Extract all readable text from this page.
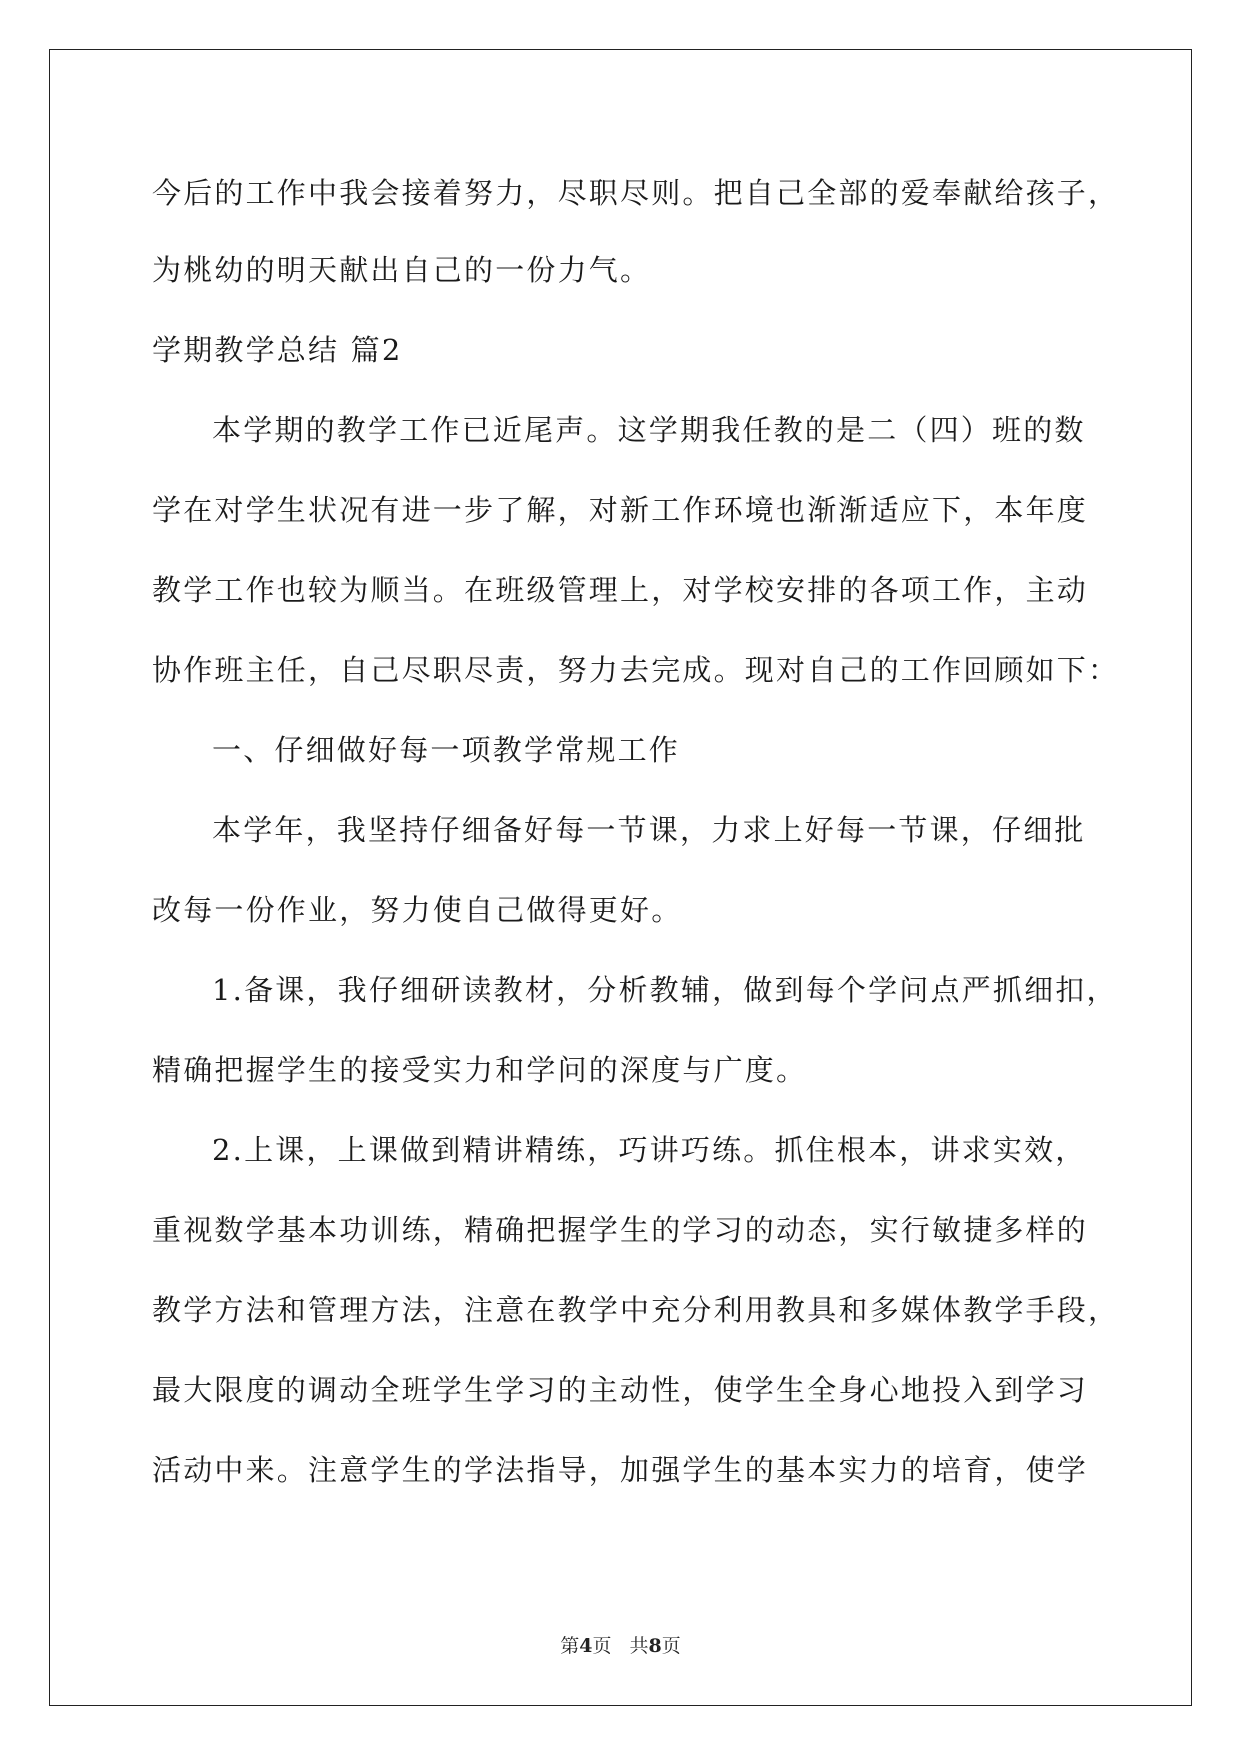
今后的工作中我会接着努力，尽职尽则。把自己全部的爱奉献给孩子，
为桃幼的明天献出自己的一份力气。
学期教学总结 篇2
本学期的教学工作已近尾声。这学期我任教的是二（四）班的数
学在对学生状况有进一步了解，对新工作环境也渐渐适应下，本年度
教学工作也较为顺当。在班级管理上，对学校安排的各项工作，主动
协作班主任，自己尽职尽责，努力去完成。现对自己的工作回顾如下：
一、仔细做好每一项教学常规工作
本学年，我坚持仔细备好每一节课，力求上好每一节课，仔细批
改每一份作业，努力使自己做得更好。
1.备课，我仔细研读教材，分析教辅，做到每个学问点严抓细扣，
精确把握学生的接受实力和学问的深度与广度。
2.上课，上课做到精讲精练，巧讲巧练。抓住根本，讲求实效，
重视数学基本功训练，精确把握学生的学习的动态，实行敏捷多样的
教学方法和管理方法，注意在教学中充分利用教具和多媒体教学手段，
最大限度的调动全班学生学习的主动性，使学生全身心地投入到学习
活动中来。注意学生的学法指导，加强学生的基本实力的培育，使学
第4页 共8页
